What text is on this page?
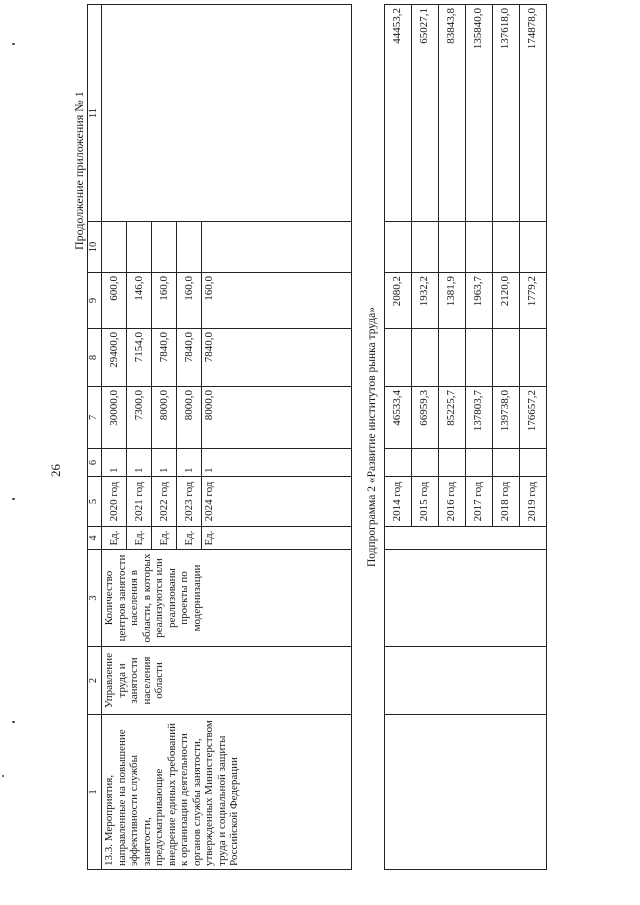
26
Продолжение приложения № 1
1	2	3	4	5	6	7	8	9	10	11
13.3. Мероприятия, направленные на повышение эффективности службы занятости, предусматривающие внедрение единых требований к организации деятельности органов службы занятости, утвержденных Министерством труда и социальной защиты Российской Федерации	Управление труда и занятости населения области	Количество центров занятости населения в области, в которых реализуются или реализованы проекты по модернизации	Ед.	2020 год	1	30000,0	29400,0	600,0		
			Ед.	2021 год	1	7300,0	7154,0	146,0		
			Ед.	2022 год	1	8000,0	7840,0	160,0		
			Ед.	2023 год	1	8000,0	7840,0	160,0		
			Ед.	2024 год	1	8000,0	7840,0	160,0		
Подпрограмма 2 «Развитие институтов рынка труда»										
				2014 год		46533,4		2080,2		44453,2
				2015 год		66959,3		1932,2		65027,1
				2016 год		85225,7		1381,9		83843,8
				2017 год		137803,7		1963,7		135840,0
				2018 год		139738,0		2120,0		137618,0
				2019 год		176657,2		1779,2		174878,0
